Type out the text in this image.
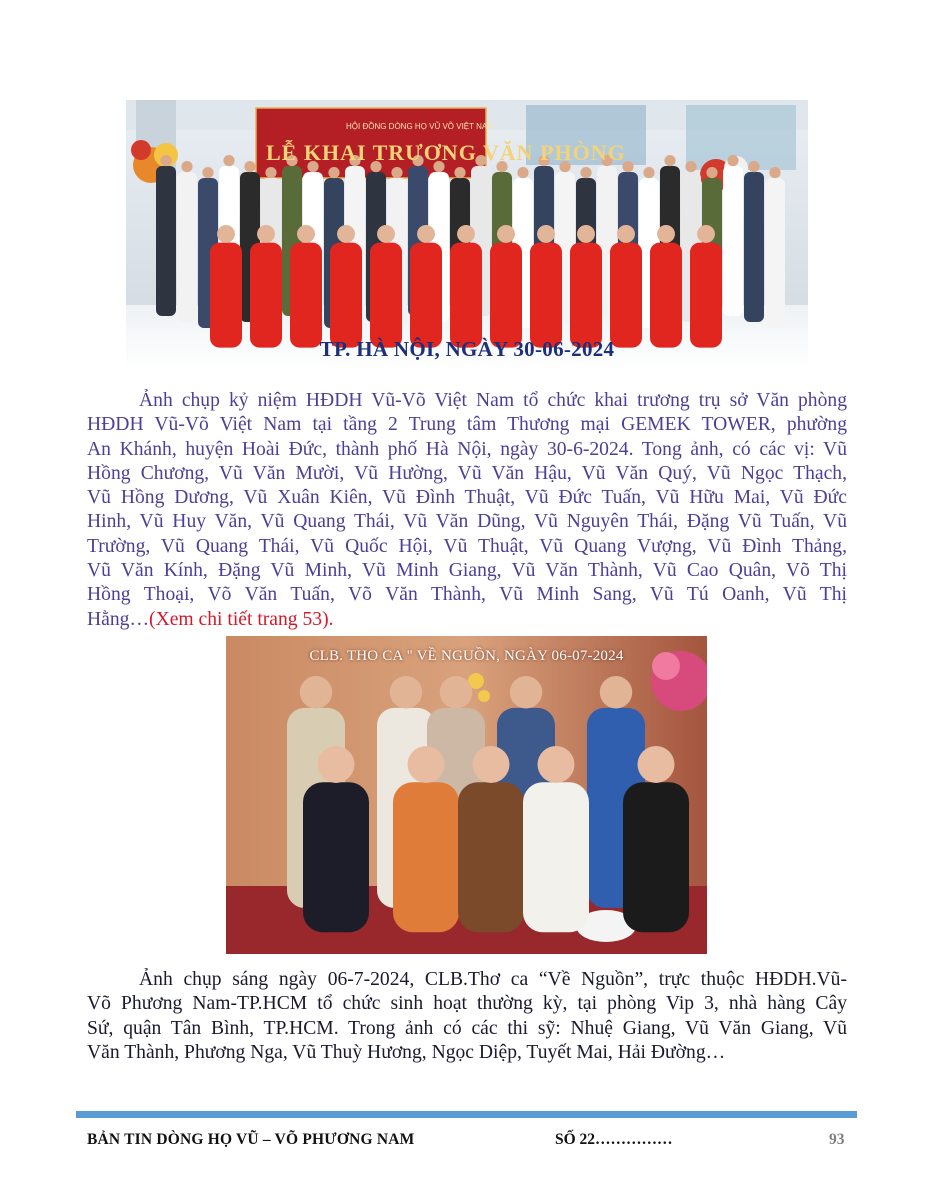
HỘI ĐỒNG DÒNG HỌ VŨ VÕ VIỆT NAM
LỄ KHAI TRƯƠNG VĂN PHÒNG
TP. HÀ NỘI, NGÀY 30-06-2024
Ảnh chụp kỷ niệm HĐDH Vũ-Võ Việt Nam tổ chức khai trương trụ sở Văn phòng
HĐDH Vũ-Võ Việt Nam tại tầng 2 Trung tâm Thương mại GEMEK TOWER, phường
An Khánh, huyện Hoài Đức, thành phố Hà Nội, ngày 30-6-2024. Tong ảnh, có các vị: Vũ
Hồng Chương, Vũ Văn Mười, Vũ Hường, Vũ Văn Hậu, Vũ Văn Quý, Vũ Ngọc Thạch,
Vũ Hồng Dương, Vũ Xuân Kiên, Vũ Đình Thuật, Vũ Đức Tuấn, Vũ Hữu Mai, Vũ Đức
Hinh, Vũ Huy Văn, Vũ Quang Thái, Vũ Văn Dũng, Vũ Nguyên Thái, Đặng Vũ Tuấn, Vũ
Trường, Vũ Quang Thái, Vũ Quốc Hội, Vũ Thuật, Vũ Quang Vượng, Vũ Đình Thảng,
Vũ Văn Kính, Đặng Vũ Minh, Vũ Minh Giang, Vũ Văn Thành, Vũ Cao Quân, Võ Thị
Hồng Thoại, Võ Văn Tuấn, Võ Văn Thành, Vũ Minh Sang, Vũ Tú Oanh, Vũ Thị
Hằng…(Xem chi tiết trang 53).
CLB. THO CA " VỀ NGUỒN, NGÀY 06-07-2024
Ảnh chụp sáng ngày 06-7-2024, CLB.Thơ ca “Về Nguồn”, trực thuộc HĐDH.Vũ-
Võ Phương Nam-TP.HCM tổ chức sinh hoạt thường kỳ, tại phòng Vip 3, nhà hàng Cây
Sứ, quận Tân Bình, TP.HCM. Trong ảnh có các thi sỹ: Nhuệ Giang, Vũ Văn Giang, Vũ
Văn Thành, Phương Nga, Vũ Thuỳ Hương, Ngọc Diệp, Tuyết Mai, Hải Đường…
BẢN TIN DÒNG HỌ VŨ – VÕ PHƯƠNG NAM	SỐ 22……………	93
